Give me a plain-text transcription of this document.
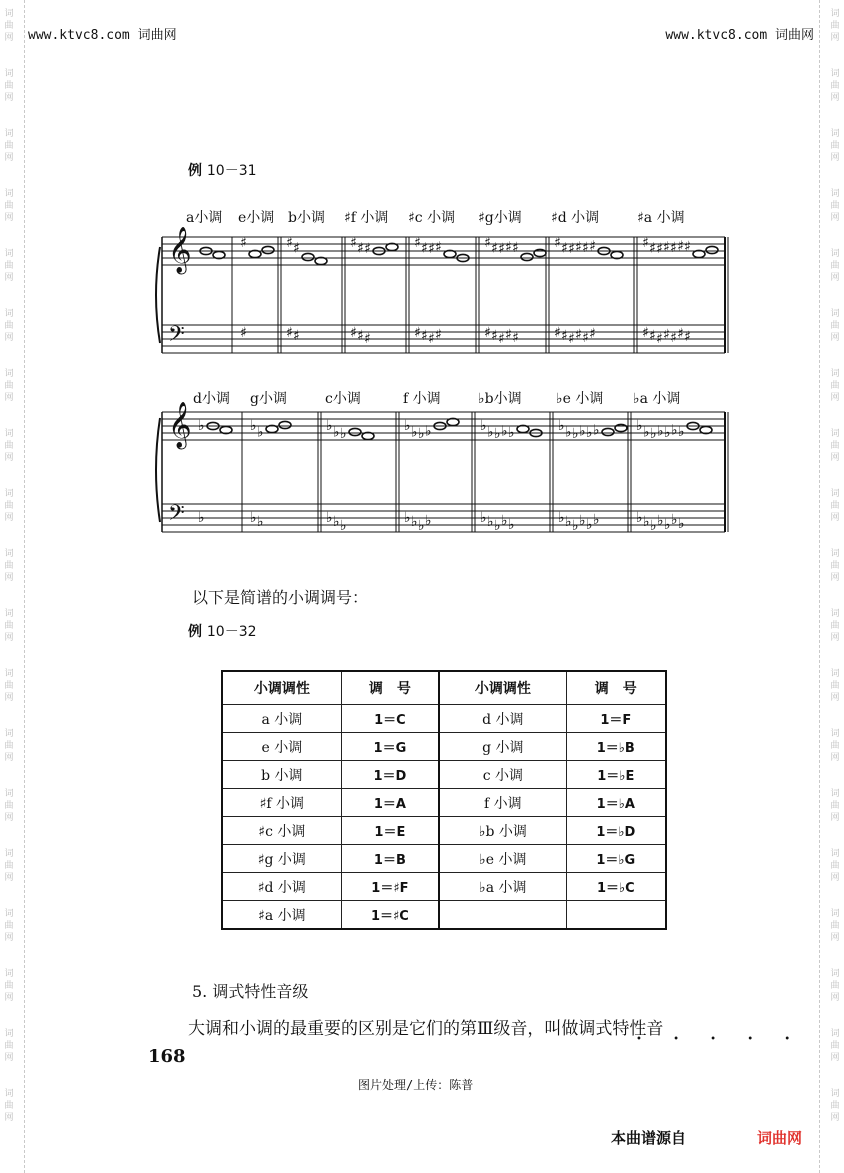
词
曲
网
词
曲
网
词
曲
网
词
曲
网
词
曲
网
词
曲
网
词
曲
网
词
曲
网
词
曲
网
词
曲
网
词
曲
网
词
曲
网
词
曲
网
词
曲
网
词
曲
网
词
曲
网
词
曲
网
词
曲
网
词
曲
网
词
曲
网
词
曲
网
词
曲
网
词
曲
网
词
曲
网
词
曲
网
词
曲
网
词
曲
网
词
曲
网
词
曲
网
词
曲
网
词
曲
网
词
曲
网
词
曲
网
词
曲
网
词
曲
网
词
曲
网
词
曲
网
词
曲
网
www.ktvc8.com 词曲网	www.ktvc8.com 词曲网
例 10－31
a小调 e小调 b小调 ♯f 小调 ♯c 小调 ♯g小调 ♯d 小调	♯a 小调
𝄞
𝄢
♯
♯
♯
♯
♯
♯
♯
♯
♯
♯
♯
♯
♯
♯
♯
♯
♯
♯
♯
♯
♯
♯
♯
♯
♯
♯
♯
♯
♯
♯
♯
♯
♯
♯
♯
♯
♯
♯
♯
♯
♯
♯
♯
♯
♯
♯
♯
♯
♯
♯
♯
♯
♯
♯
♯
♯
d小调 g小调	c小调	f 小调	♭b小调 ♭e 小调 ♭a 小调
𝄞
𝄢
♭
♭
♭
♭
♭
♭
♭
♭
♭
♭
♭
♭
♭
♭
♭
♭
♭
♭
♭
♭
♭
♭
♭
♭
♭
♭
♭
♭
♭
♭
♭
♭
♭
♭
♭
♭
♭
♭
♭
♭
♭
♭
♭
♭
♭
♭
♭
♭
♭
♭
♭
♭
♭
♭
♭
♭
以下是简谱的小调调号：
例 10－32
小调调性	调　号	小调调性	调　号
a 小调	1＝C	d 小调	1＝F
e 小调	1＝G	g 小调	1＝♭B
b 小调	1＝D	c 小调	1＝♭E
♯f 小调	1＝A	f 小调	1＝♭A
♯c 小调	1＝E	♭b 小调	1＝♭D
♯g 小调	1＝B	♭e 小调	1＝♭G
♯d 小调	1＝♯F	♭a 小调	1＝♭C
♯a 小调	1＝♯C		
5. 调式特性音级
大调和小调的最重要的区别是它们的第Ⅲ级音，叫做调式特性音
• • • • •
168
图片处理/上传：陈普
本曲谱源自	词曲网
